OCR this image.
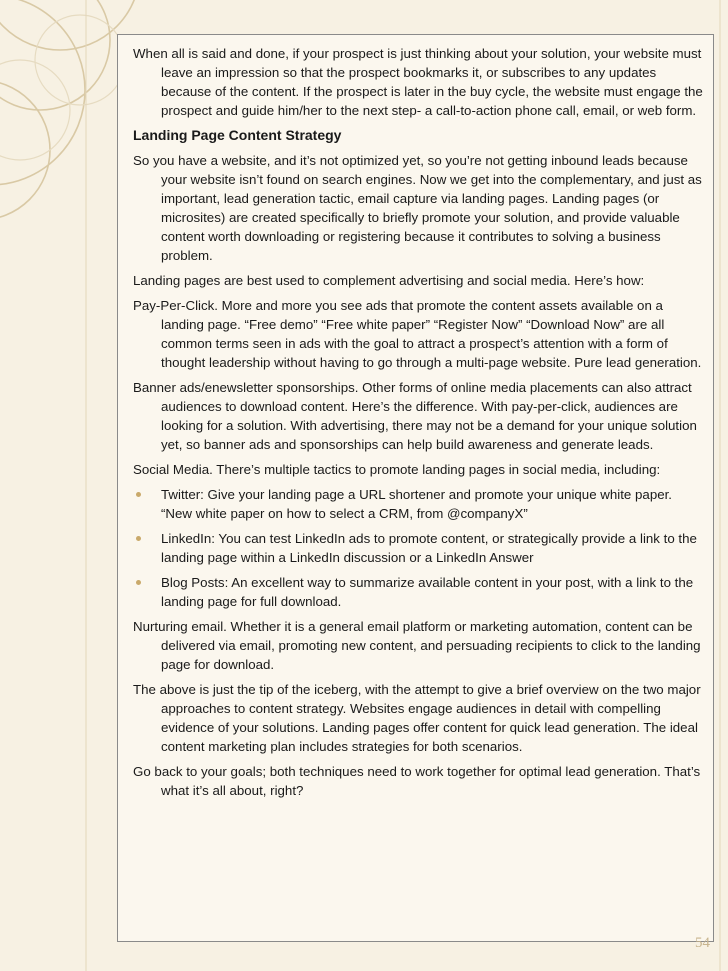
When all is said and done, if your prospect is just thinking about your solution, your website must leave an impression so that the prospect bookmarks it, or subscribes to any updates because of the content. If the prospect is later in the buy cycle, the website must engage the prospect and guide him/her to the next step- a call-to-action phone call, email, or web form.

Landing Page Content Strategy

So you have a website, and it’s not optimized yet, so you’re not getting inbound leads because your website isn’t found on search engines. Now we get into the complementary, and just as important, lead generation tactic, email capture via landing pages. Landing pages (or microsites) are created specifically to briefly promote your solution, and provide valuable content worth downloading or registering because it contributes to solving a business problem.

Landing pages are best used to complement advertising and social media. Here’s how:

Pay-Per-Click. More and more you see ads that promote the content assets available on a landing page. “Free demo” “Free white paper” “Register Now” “Download Now” are all common terms seen in ads with the goal to attract a prospect’s attention with a form of thought leadership without having to go through a multi-page website. Pure lead generation.

Banner ads/enewsletter sponsorships. Other forms of online media placements can also attract audiences to download content. Here’s the difference. With pay-per-click, audiences are looking for a solution. With advertising, there may not be a demand for your unique solution yet, so banner ads and sponsorships can help build awareness and generate leads.

Social Media. There’s multiple tactics to promote landing pages in social media, including:

Twitter: Give your landing page a URL shortener and promote your unique white paper. “New white paper on how to select a CRM, from @companyX”
LinkedIn: You can test LinkedIn ads to promote content, or strategically provide a link to the landing page within a LinkedIn discussion or a LinkedIn Answer
Blog Posts: An excellent way to summarize available content in your post, with a link to the landing page for full download.

Nurturing email. Whether it is a general email platform or marketing automation, content can be delivered via email, promoting new content, and persuading recipients to click to the landing page for download.

The above is just the tip of the iceberg, with the attempt to give a brief overview on the two major approaches to content strategy. Websites engage audiences in detail with compelling evidence of your solutions. Landing pages offer content for quick lead generation. The ideal content marketing plan includes strategies for both scenarios.

Go back to your goals; both techniques need to work together for optimal lead generation. That’s what it’s all about, right?

54
